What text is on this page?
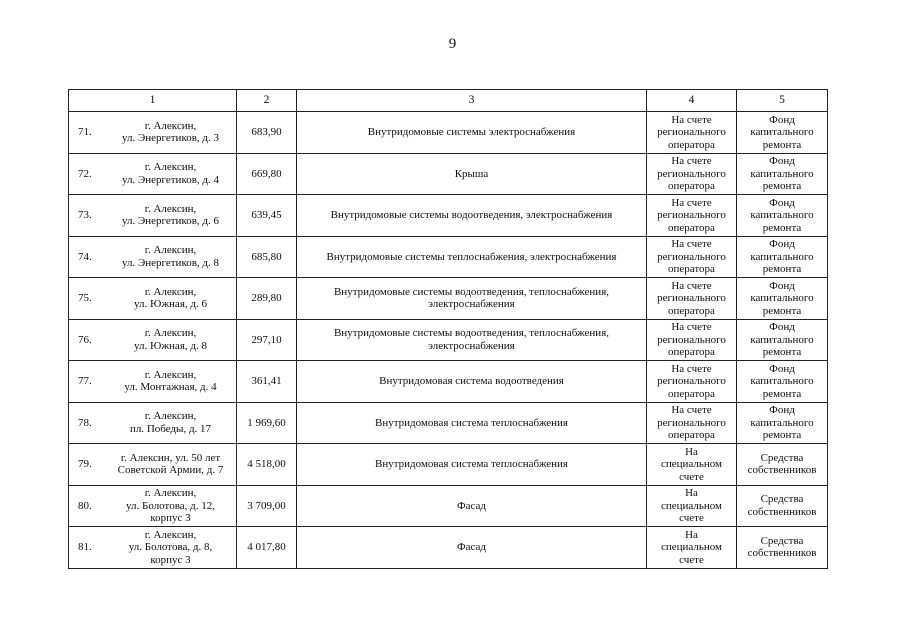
9
1	2	3	4	5

71.
г. Алексин,
ул. Энергетиков, д. 3	683,90	Внутридомовые системы электроснабжения	На счете
регионального
оператора	Фонд
капитального
ремонта

72.
г. Алексин,
ул. Энергетиков, д. 4	669,80	Крыша	На счете
регионального
оператора	Фонд
капитального
ремонта

73.
г. Алексин,
ул. Энергетиков, д. 6	639,45	Внутридомовые системы водоотведения, электроснабжения	На счете
регионального
оператора	Фонд
капитального
ремонта

74.
г. Алексин,
ул. Энергетиков, д. 8	685,80	Внутридомовые системы теплоснабжения, электроснабжения	На счете
регионального
оператора	Фонд
капитального
ремонта

75.
г. Алексин,
ул. Южная, д. 6	289,80	Внутридомовые системы водоотведения, теплоснабжения,
электроснабжения	На счете
регионального
оператора	Фонд
капитального
ремонта

76.
г. Алексин,
ул. Южная, д. 8	297,10	Внутридомовые системы водоотведения, теплоснабжения,
электроснабжения	На счете
регионального
оператора	Фонд
капитального
ремонта

77.
г. Алексин,
ул. Монтажная, д. 4	361,41	Внутридомовая система водоотведения	На счете
регионального
оператора	Фонд
капитального
ремонта

78.
г. Алексин,
пл. Победы, д. 17	1 969,60	Внутридомовая система теплоснабжения	На счете
регионального
оператора	Фонд
капитального
ремонта

79.
г. Алексин, ул. 50 лет
Советской Армии, д. 7	4 518,00	Внутридомовая система теплоснабжения	На
специальном
счете	Средства
собственников

80.
г. Алексин,
ул. Болотова, д. 12,
корпус 3	3 709,00	Фасад	На
специальном
счете	Средства
собственников

81.
г. Алексин,
ул. Болотова, д. 8,
корпус 3	4 017,80	Фасад	На
специальном
счете	Средства
собственников
